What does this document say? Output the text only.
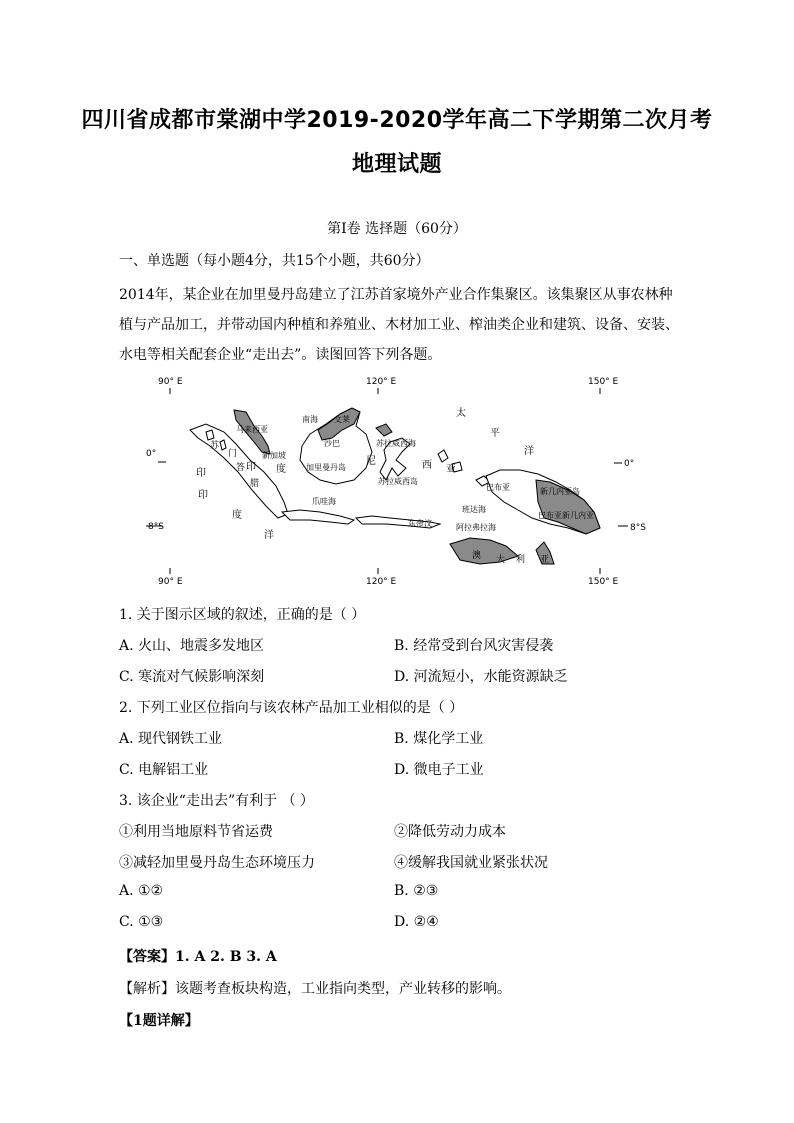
四川省成都市棠湖中学2019-2020学年高二下学期第二次月考
地理试题
第I卷 选择题（60分）
一、单选题（每小题4分，共15个小题，共60分）
2014年，某企业在加里曼丹岛建立了江苏首家境外产业合作集聚区。该集聚区从事农林种
植与产品加工，并带动国内种植和养殖业、木材加工业、榨油类企业和建筑、设备、安装、
水电等相关配套企业“走出去”。读图回答下列各题。
90° E	120° E	150° E
90° E	120° E	150° E
0°
8°S
0°
8°S
南海 文莱
马来西亚
新加坡
沙巴	苏拉威西海
加里曼丹岛
爪哇海
班达海
阿拉弗拉海
东帝汶
新几内亚岛
巴布亚新几内亚
苏拉威西岛
巴布亚
苏
门
答
腊
印
尼
度	西 亚
印
印
度
洋
太
平
洋
澳 大 利 亚
1. 关于图示区域的叙述，正确的是（ ）
A. 火山、地震多发地区	B. 经常受到台风灾害侵袭
C. 寒流对气候影响深刻	D. 河流短小，水能资源缺乏
2. 下列工业区位指向与该农林产品加工业相似的是（ ）
A. 现代钢铁工业	B. 煤化学工业
C. 电解铝工业	D. 微电子工业
3. 该企业“走出去”有利于 （ ）
①利用当地原料节省运费	②降低劳动力成本
③减轻加里曼丹岛生态环境压力	④缓解我国就业紧张状况
A. ①②	B. ②③
C. ①③	D. ②④
【答案】1. A 2. B 3. A
【解析】该题考查板块构造，工业指向类型，产业转移的影响。
【1题详解】
